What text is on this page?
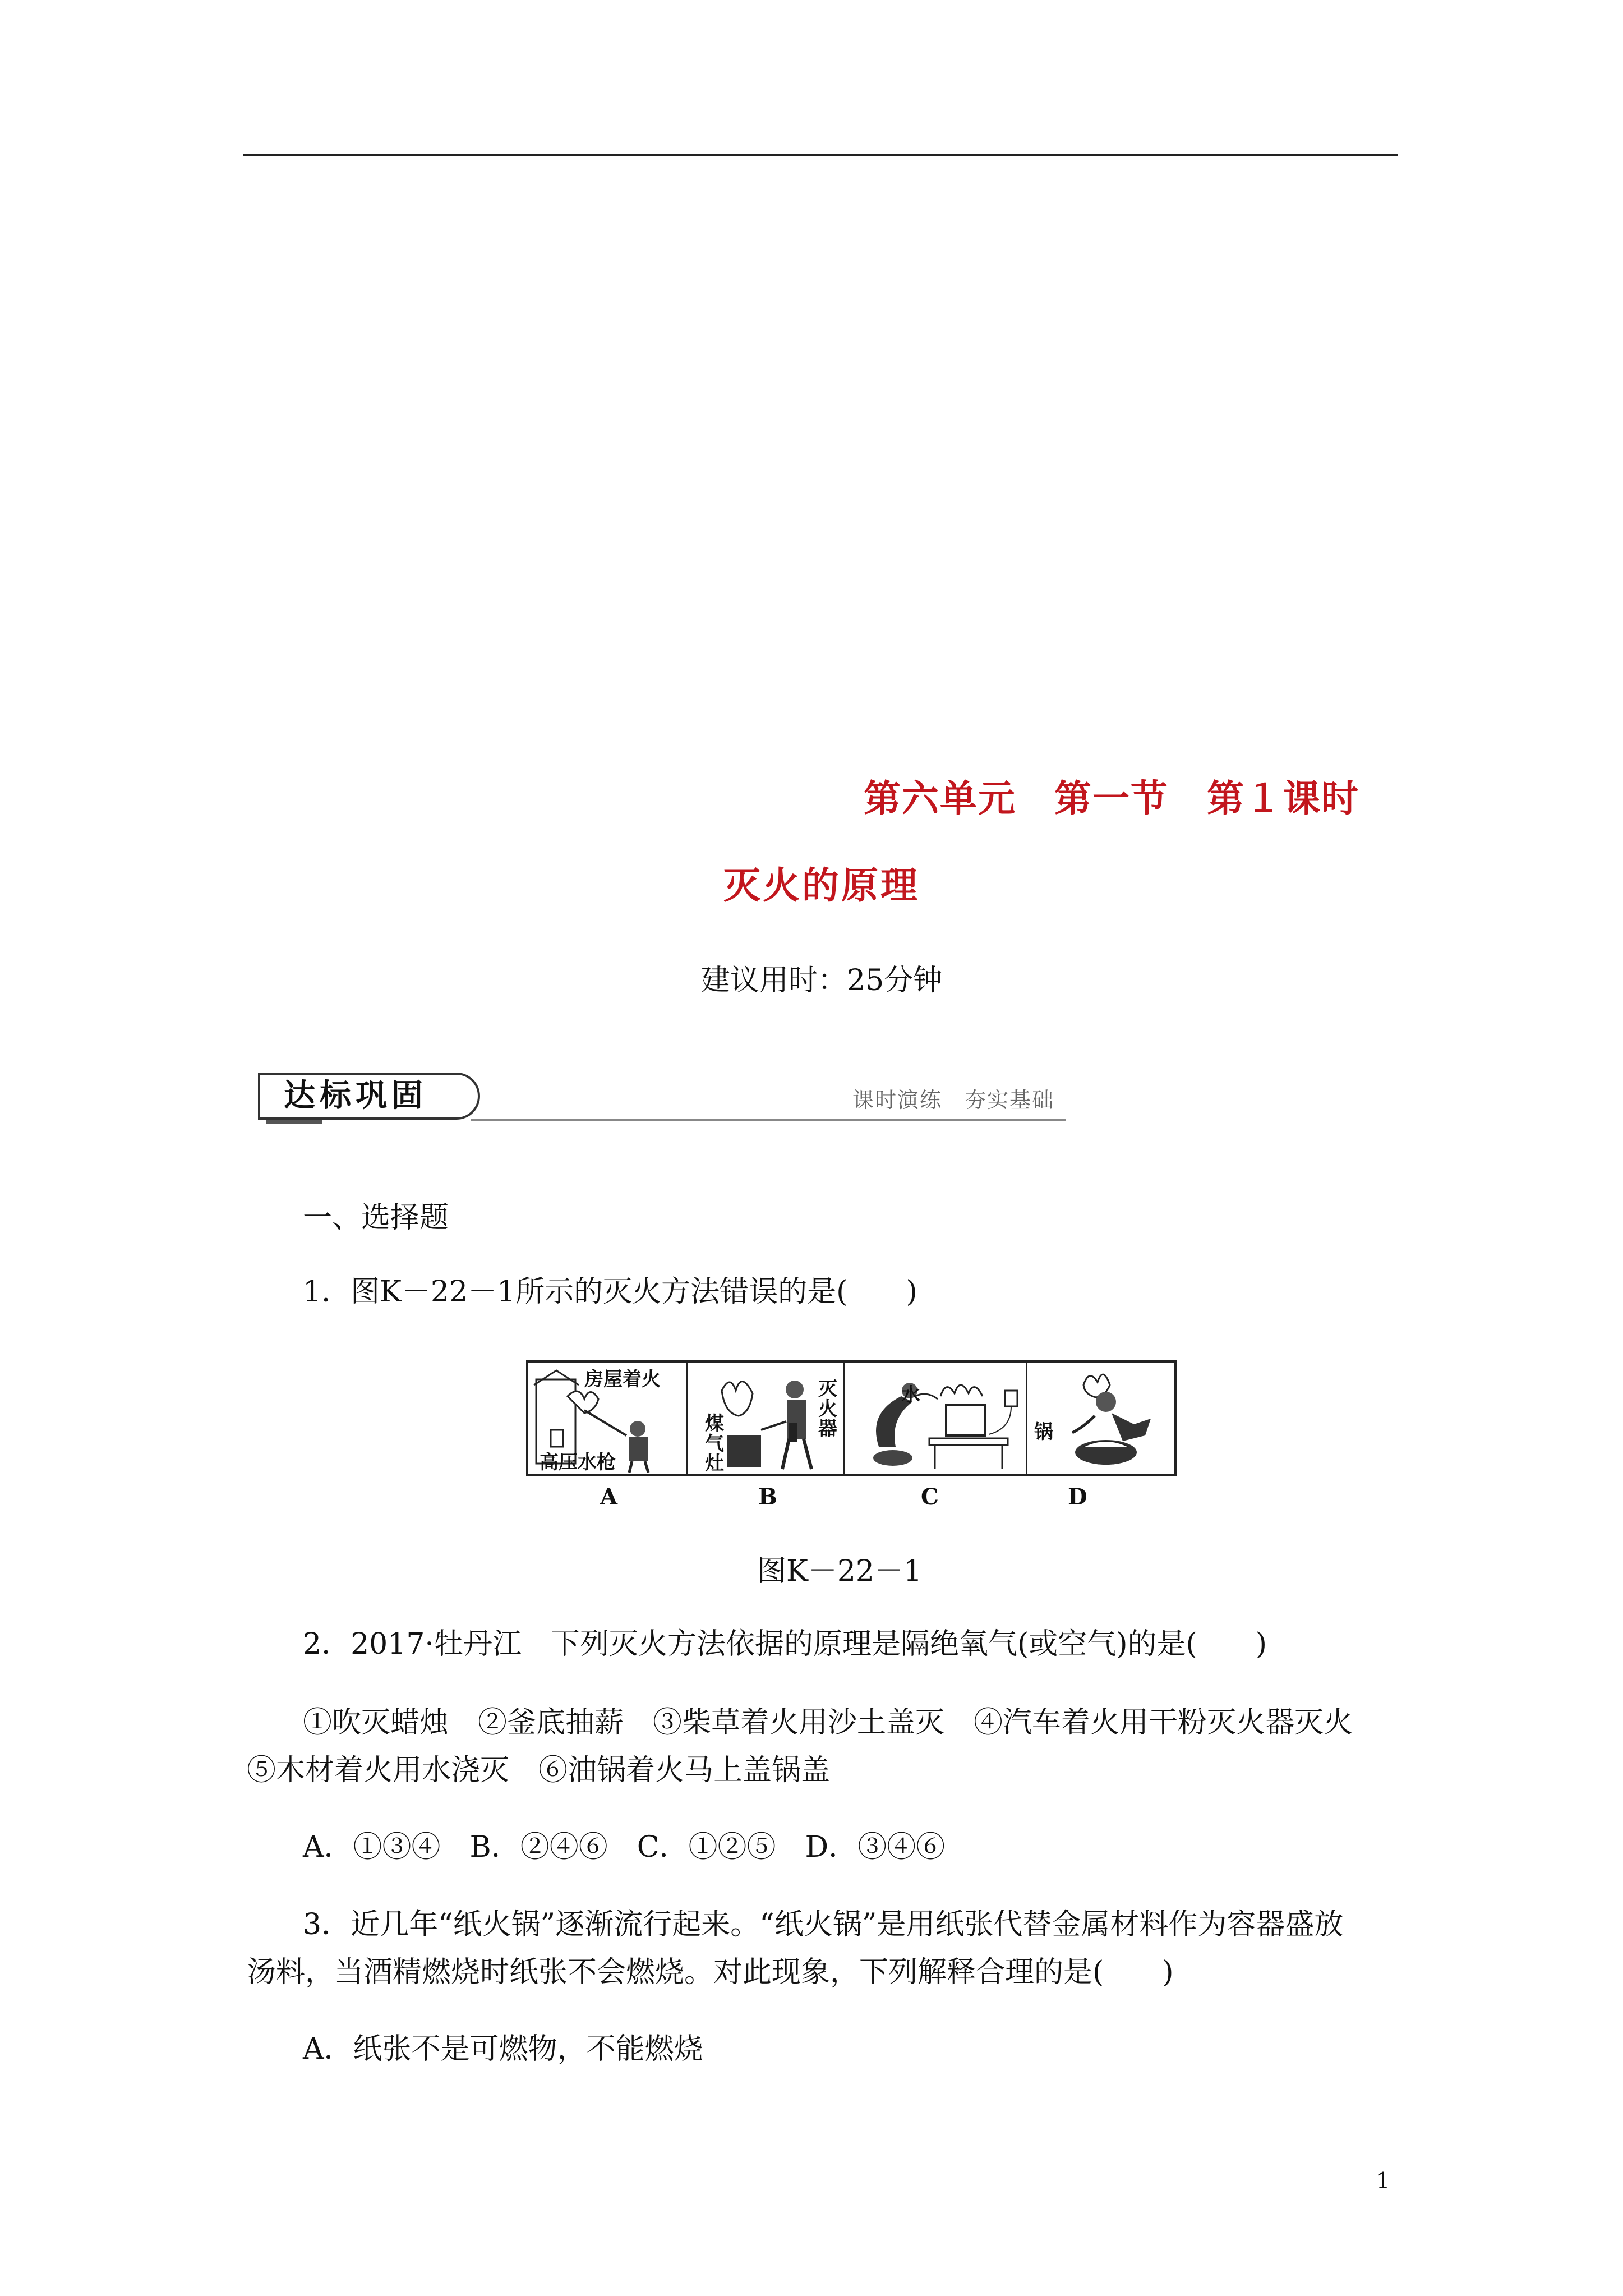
第六单元　第一节　第１课时
灭火的原理
建议用时：25分钟
达标巩固	课时演练　夯实基础
一、选择题
1．图K－22－1所示的灭火方法错误的是(　　)
房屋着火
高压水枪
灭火器
煤气灶
水
锅
A	B	C	D
图K－22－1
2．2017·牡丹江　下列灭火方法依据的原理是隔绝氧气(或空气)的是(　　)
①吹灭蜡烛　②釜底抽薪　③柴草着火用沙土盖灭　④汽车着火用干粉灭火器灭火
⑤木材着火用水浇灭　⑥油锅着火马上盖锅盖
A．①③④　B．②④⑥　C．①②⑤　D．③④⑥
3．近几年“纸火锅”逐渐流行起来。“纸火锅”是用纸张代替金属材料作为容器盛放
汤料，当酒精燃烧时纸张不会燃烧。对此现象，下列解释合理的是(　　)
A．纸张不是可燃物，不能燃烧
1
